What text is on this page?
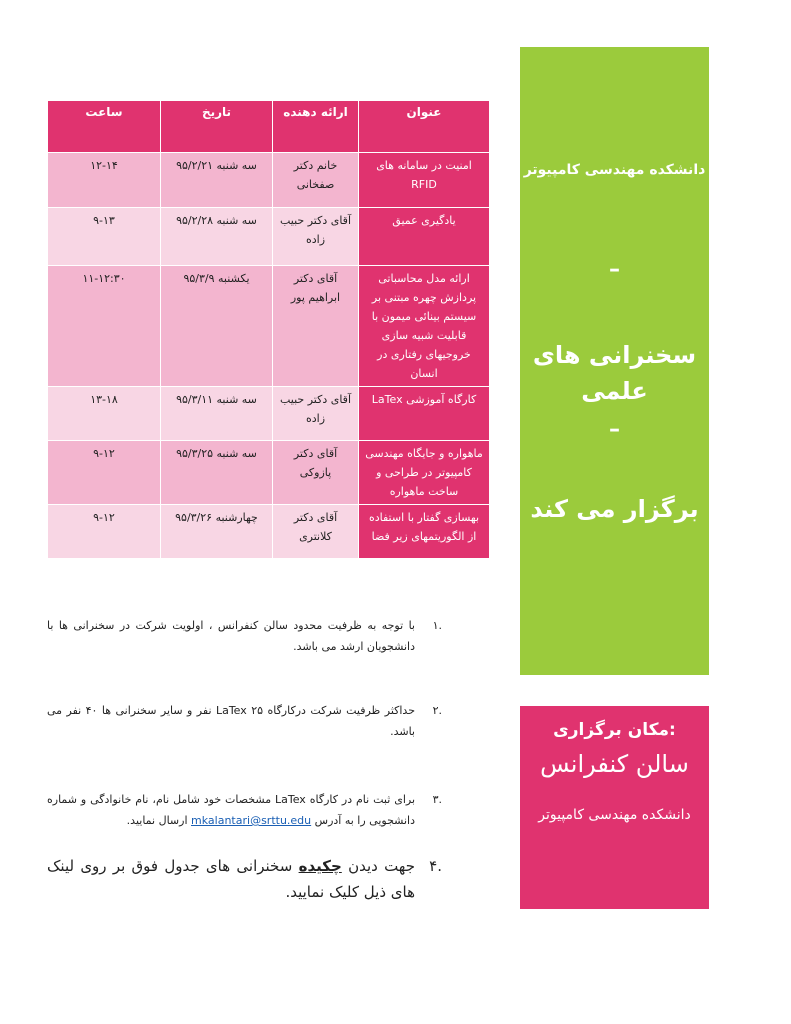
عنوان	ارائه دهنده	تاریخ	ساعت
امنیت در سامانه های RFID	خانم دکتر صفخانی	سه شنبه ۹۵/۲/۲۱	۱۲-۱۴
یادگیری عمیق	آقای دکتر حبیب زاده	سه شنبه ۹۵/۲/۲۸	۹-۱۳
ارائه مدل محاسباتی پردازش چهره مبتنی بر سیستم بینائی میمون با قابلیت شبیه سازی خروجیهای رفتاری در انسان	آقای دکتر ابراهیم پور	یکشنبه ۹۵/۳/۹	۱۱-۱۲:۳۰
کارگاه آموزشی LaTex	آقای دکتر حبیب زاده	سه شنبه ۹۵/۳/۱۱	۱۳-۱۸
ماهواره و جایگاه مهندسی کامپیوتر در طراحی و ساخت ماهواره	آقای دکتر پازوکی	سه شنبه ۹۵/۳/۲۵	۹-۱۲
بهسازی گفتار با استفاده از الگوریتمهای زیر فضا	آقای دکتر کلانتری	چهارشنبه ۹۵/۳/۲۶	۹-۱۲
دانشکده مهندسی کامپیوتر
–
سخنرانی های علمی
–
برگزار می کند
مکان برگزاری:
سالن کنفرانس
دانشکده مهندسی کامپیوتر
۱.
با توجه به ظرفیت محدود سالن کنفرانس ، اولویت شرکت در سخنرانی ها با دانشجویان ارشد می باشد.
۲.
حداکثر ظرفیت شرکت درکارگاه LaTex ۲۵ نفر و سایر سخنرانی ها ۴۰ نفر می باشد.
۳.
برای ثبت نام در کارگاه LaTex مشخصات خود شامل نام، نام خانوادگی و شماره دانشجویی را به آدرس mkalantari@srttu.edu ارسال نمایید.
۴.
جهت دیدن چکیده سخنرانی های جدول فوق بر روی لینک های ذیل کلیک نمایید.
